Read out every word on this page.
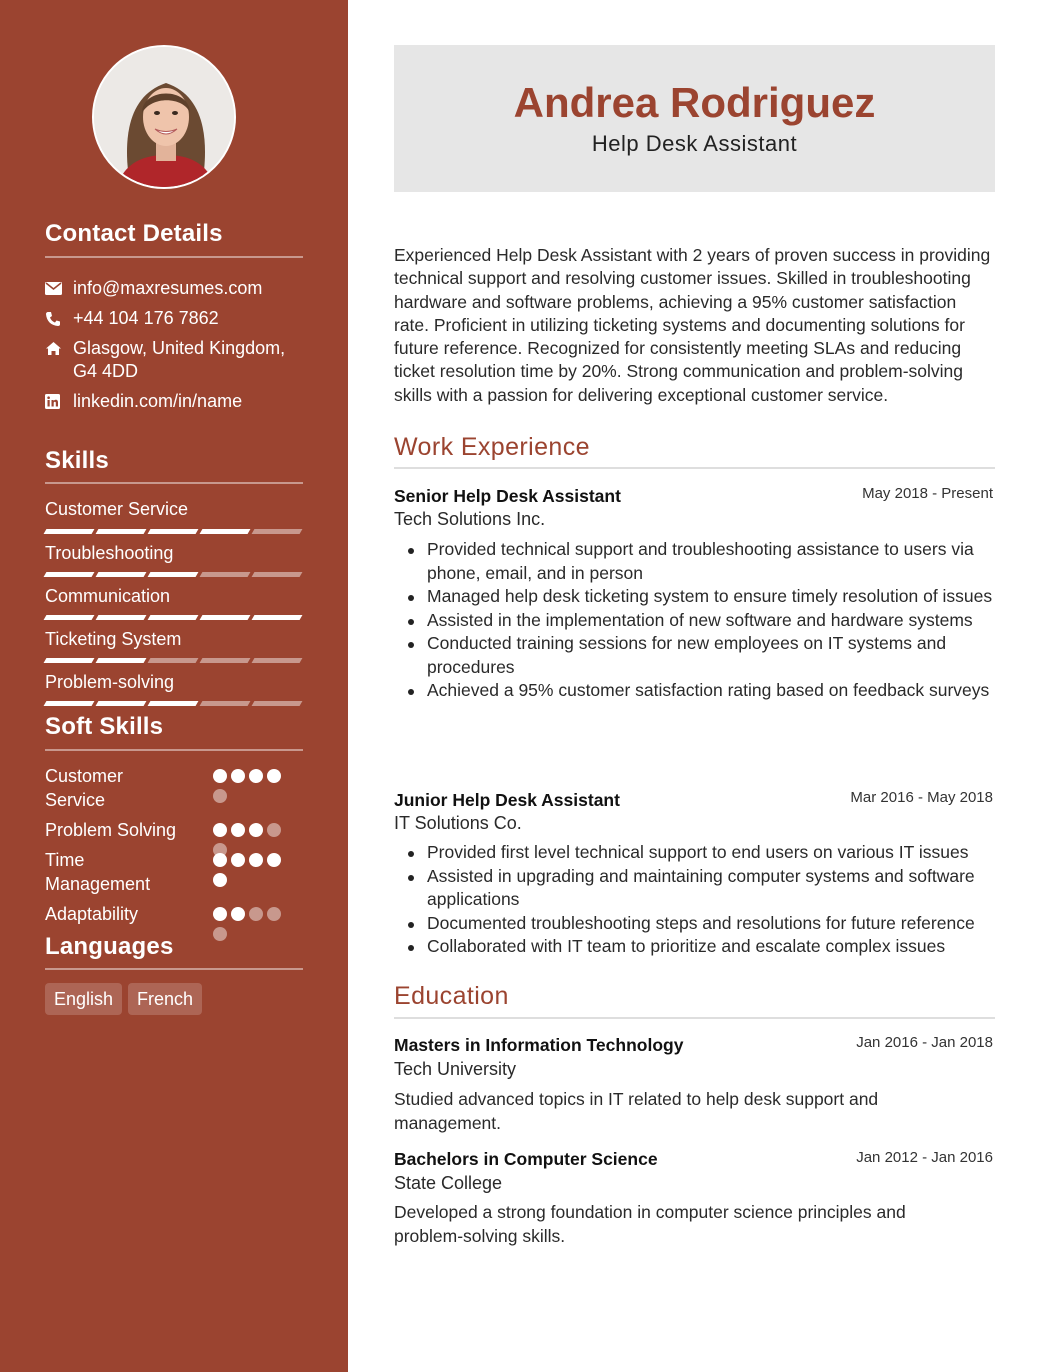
Contact Details
info@maxresumes.com
+44 104 176 7862
Glasgow, United Kingdom, G4 4DD
linkedin.com/in/name
Skills
Customer Service
Troubleshooting
Communication
Ticketing System
Problem-solving
Soft Skills
Customer Service
Problem Solving
Time Management
Adaptability
Languages
English	French
Andrea Rodriguez
Help Desk Assistant

Experienced Help Desk Assistant with 2 years of proven success in providing technical support and resolving customer issues. Skilled in troubleshooting hardware and software problems, achieving a 95% customer satisfaction rate. Proficient in utilizing ticketing systems and documenting solutions for future reference. Recognized for consistently meeting SLAs and reducing ticket resolution time by 20%. Strong communication and problem-solving skills with a passion for delivering exceptional customer service.

Work Experience
Senior Help Desk Assistant	May 2018 - Present
Tech Solutions Inc.
Provided technical support and troubleshooting assistance to users via phone, email, and in person
Managed help desk ticketing system to ensure timely resolution of issues
Assisted in the implementation of new software and hardware systems
Conducted training sessions for new employees on IT systems and procedures
Achieved a 95% customer satisfaction rating based on feedback surveys
Junior Help Desk Assistant	Mar 2016 - May 2018
IT Solutions Co.
Provided first level technical support to end users on various IT issues
Assisted in upgrading and maintaining computer systems and software applications
Documented troubleshooting steps and resolutions for future reference
Collaborated with IT team to prioritize and escalate complex issues
Education
Masters in Information Technology	Jan 2016 - Jan 2018
Tech University

Studied advanced topics in IT related to help desk support and management.

Bachelors in Computer Science	Jan 2012 - Jan 2016
State College

Developed a strong foundation in computer science principles and problem-solving skills.
